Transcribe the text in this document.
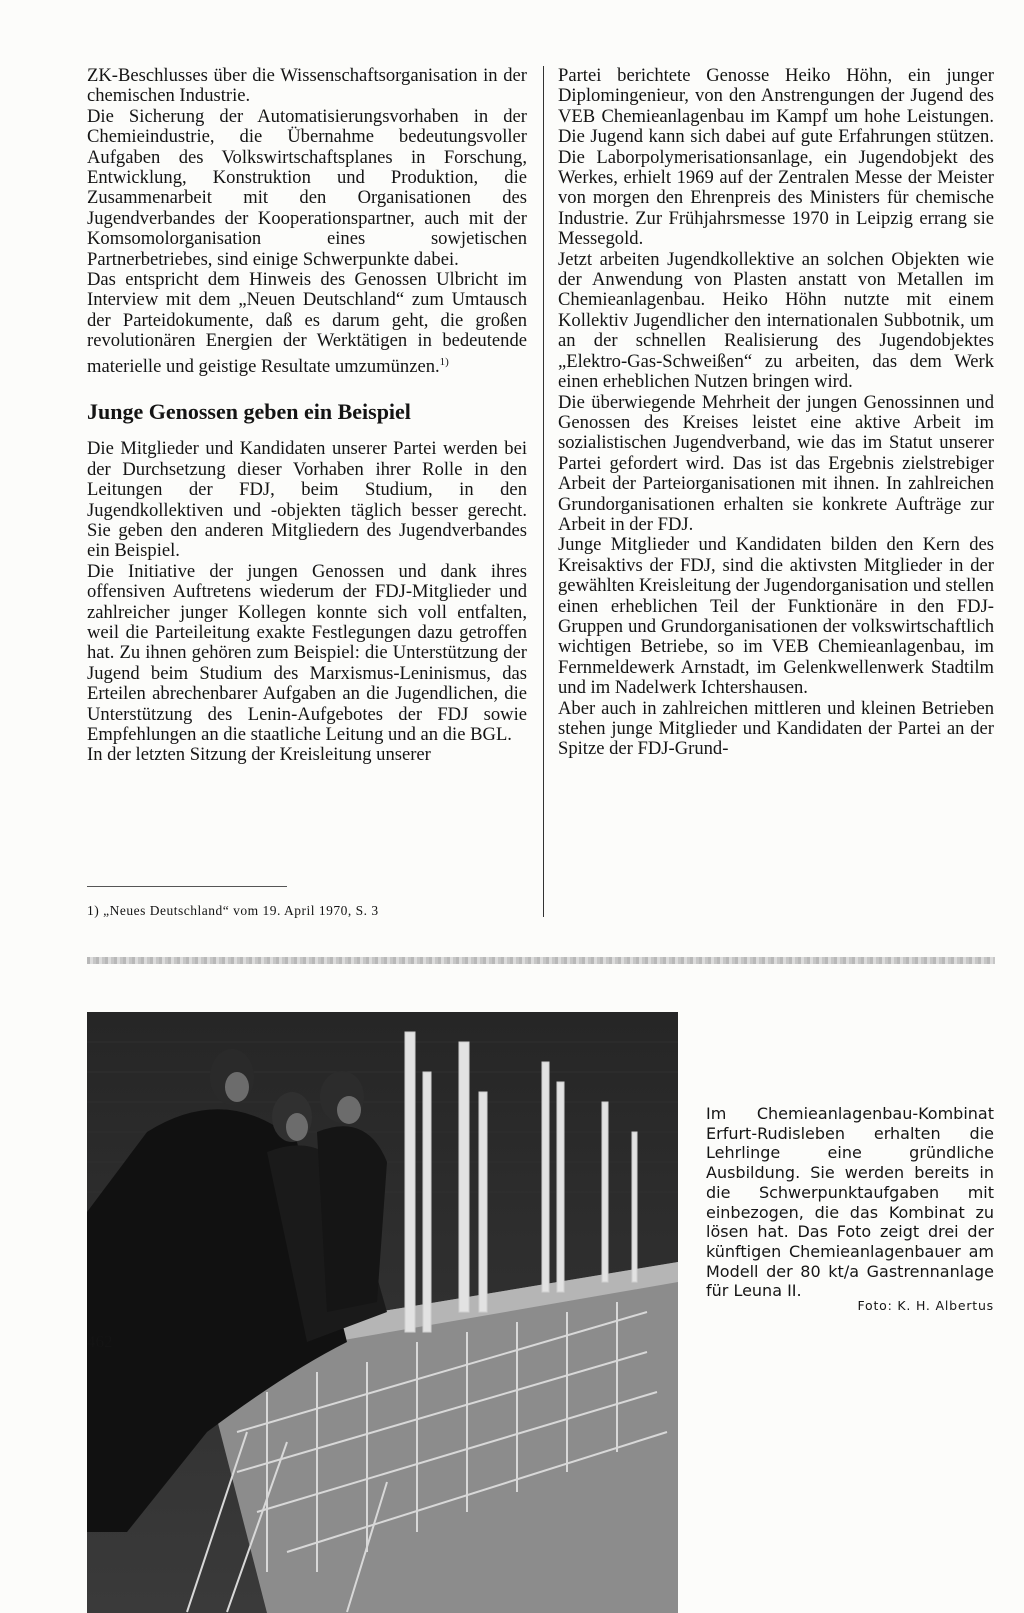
ZK-Beschlusses über die Wissenschaftsorganisation in der chemischen Industrie.

Die Sicherung der Automatisierungsvorhaben in der Chemieindustrie, die Übernahme bedeutungsvoller Aufgaben des Volkswirtschaftsplanes in Forschung, Entwicklung, Konstruktion und Produktion, die Zusammenarbeit mit den Organisationen des Jugendverbandes der Kooperationspartner, auch mit der Komsomolorganisation eines sowjetischen Partnerbetriebes, sind einige Schwerpunkte dabei.

Das entspricht dem Hinweis des Genossen Ulbricht im Interview mit dem „Neuen Deutschland“ zum Umtausch der Parteidokumente, daß es darum geht, die großen revolutionären Energien der Werktätigen in bedeutende materielle und geistige Resultate umzumünzen.$^{1)}$

Junge Genossen geben ein Beispiel

Die Mitglieder und Kandidaten unserer Partei werden bei der Durchsetzung dieser Vorhaben ihrer Rolle in den Leitungen der FDJ, beim Studium, in den Jugendkollektiven und -objekten täglich besser gerecht. Sie geben den anderen Mitgliedern des Jugendverbandes ein Beispiel.

Die Initiative der jungen Genossen und dank ihres offensiven Auftretens wiederum der FDJ-Mitglieder und zahlreicher junger Kollegen konnte sich voll entfalten, weil die Parteileitung exakte Festlegungen dazu getroffen hat. Zu ihnen gehören zum Beispiel: die Unterstützung der Jugend beim Studium des Marxismus-Leninismus, das Erteilen abrechenbarer Aufgaben an die Jugendlichen, die Unterstützung des Lenin-Aufgebotes der FDJ sowie Empfehlungen an die staatliche Leitung und an die BGL.

In der letzten Sitzung der Kreisleitung unserer

Partei berichtete Genosse Heiko Höhn, ein junger Diplomingenieur, von den Anstrengungen der Jugend des VEB Chemieanlagenbau im Kampf um hohe Leistungen. Die Jugend kann sich dabei auf gute Erfahrungen stützen. Die Laborpolymerisationsanlage, ein Jugendobjekt des Werkes, erhielt 1969 auf der Zentralen Messe der Meister von morgen den Ehrenpreis des Ministers für chemische Industrie. Zur Frühjahrsmesse 1970 in Leipzig errang sie Messegold.

Jetzt arbeiten Jugendkollektive an solchen Objekten wie der Anwendung von Plasten anstatt von Metallen im Chemieanlagenbau. Heiko Höhn nutzte mit einem Kollektiv Jugendlicher den internationalen Subbotnik, um an der schnellen Realisierung des Jugendobjektes „Elektro-Gas-Schweißen“ zu arbeiten, das dem Werk einen erheblichen Nutzen bringen wird.

Die überwiegende Mehrheit der jungen Genossinnen und Genossen des Kreises leistet eine aktive Arbeit im sozialistischen Jugendverband, wie das im Statut unserer Partei gefordert wird. Das ist das Ergebnis zielstrebiger Arbeit der Parteiorganisationen mit ihnen. In zahlreichen Grundorganisationen erhalten sie konkrete Aufträge zur Arbeit in der FDJ.

Junge Mitglieder und Kandidaten bilden den Kern des Kreisaktivs der FDJ, sind die aktivsten Mitglieder in der gewählten Kreisleitung der Jugendorganisation und stellen einen erheblichen Teil der Funktionäre in den FDJ-Gruppen und Grundorganisationen der volkswirtschaftlich wichtigen Betriebe, so im VEB Chemieanlagenbau, im Fernmeldewerk Arnstadt, im Gelenkwellenwerk Stadtilm und im Nadelwerk Ichtershausen.

Aber auch in zahlreichen mittleren und kleinen Betrieben stehen junge Mitglieder und Kandidaten der Partei an der Spitze der FDJ-Grund-

1) „Neues Deutschland“ vom 19. April 1970, S. 3

Im Chemieanlagenbau-Kombinat Erfurt-Rudisleben erhalten die Lehrlinge eine gründliche Ausbildung. Sie werden bereits in die Schwerpunktaufgaben mit einbezogen, die das Kombinat zu lösen hat. Das Foto zeigt drei der künftigen Chemieanlagenbauer am Modell der 80 kt/a Gastrennanlage für Leuna II.

Foto: K. H. Albertus
462
